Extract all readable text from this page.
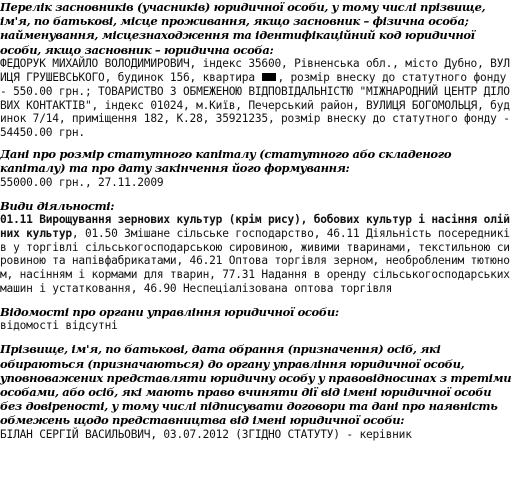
Перелік засновників (учасників) юридичної особи, у тому числі прізвище, ім'я, по батькові, місце проживання, якщо засновник – фізична особа; найменування, місцезнаходження та ідентифікаційний код юридичної особи, якщо засновник – юридична особа:

ФЕДОРУК МИХАЙЛО ВОЛОДИМИРОВИЧ, індекс 35600, Рівненська обл., місто Дубно, ВУЛИЦЯ ГРУШЕВСЬКОГО, будинок 156, квартира , розмір внеску до статутного фонду - 550.00 грн.; ТОВАРИСТВО З ОБМЕЖЕНОЮ ВІДПОВІДАЛЬНІСТЮ "МІЖНАРОДНИЙ ЦЕНТР ДІЛОВИХ КОНТАКТІВ", індекс 01024, м.Київ, Печерський район, ВУЛИЦЯ БОГОМОЛЬЦЯ, будинок 7/14, приміщення 182, К.28, 35921235, розмір внеску до статутного фонду - 54450.00 грн.

Дані про розмір статутного капіталу (статутного або складеного капіталу) та про дату закінчення його формування:

55000.00 грн., 27.11.2009

Види діяльності:

01.11 Вирощування зернових культур (крім рису), бобових культур і насіння олійних культур, 01.50 Змішане сільське господарство, 46.11 Діяльність посередників у торгівлі сільськогосподарською сировиною, живими тваринами, текстильною сировиною та напівфабрикатами, 46.21 Оптова торгівля зерном, необробленим тютюном, насінням і кормами для тварин, 77.31 Надання в оренду сільськогосподарських машин і устатковання, 46.90 Неспеціалізована оптова торгівля

Відомості про органи управління юридичної особи:

відомості відсутні

Прізвище, ім'я, по батькові, дата обрання (призначення) осіб, які обираються (призначаються) до органу управління юридичної особи, уповноважених представляти юридичну особу у правовідносинах з третіми особами, або осіб, які мають право вчиняти дії від імені юридичної особи без довіреності, у тому числі підписувати договори та дані про наявність обмежень щодо представництва від імені юридичної особи:

БІЛАН СЕРГІЙ ВАСИЛЬОВИЧ, 03.07.2012 (ЗГІДНО СТАТУТУ) - керівник
